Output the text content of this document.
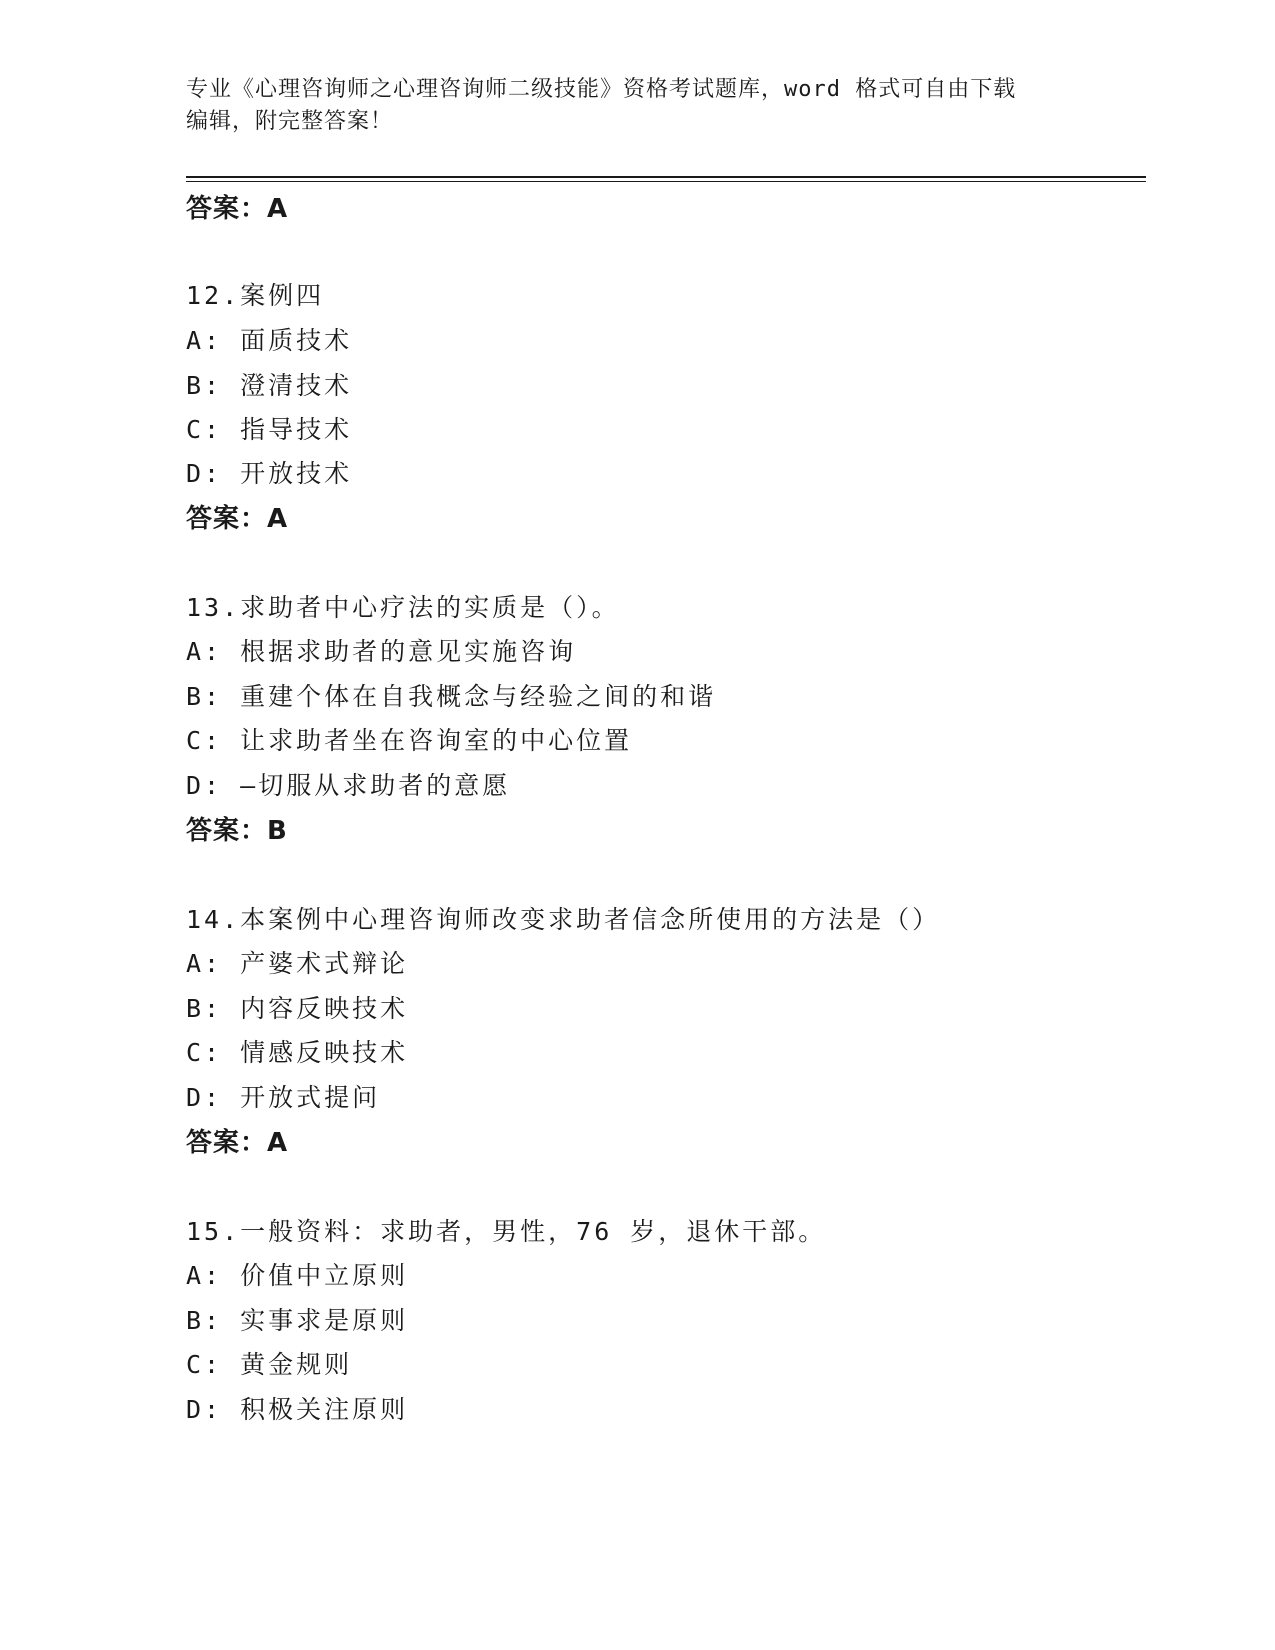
专业《心理咨询师之心理咨询师二级技能》资格考试题库，word 格式可自由下载
编辑，附完整答案！
答案：A
12.案例四
A: 面质技术
B: 澄清技术
C: 指导技术
D: 开放技术
答案：A
13.求助者中心疗法的实质是（）。
A: 根据求助者的意见实施咨询
B: 重建个体在自我概念与经验之间的和谐
C: 让求助者坐在咨询室的中心位置
D: —切服从求助者的意愿
答案：B
14.本案例中心理咨询师改变求助者信念所使用的方法是（）
A: 产婆术式辩论
B: 内容反映技术
C: 情感反映技术
D: 开放式提问
答案：A
15.一般资料：求助者，男性，76 岁，退休干部。
A: 价值中立原则
B: 实事求是原则
C: 黄金规则
D: 积极关注原则
